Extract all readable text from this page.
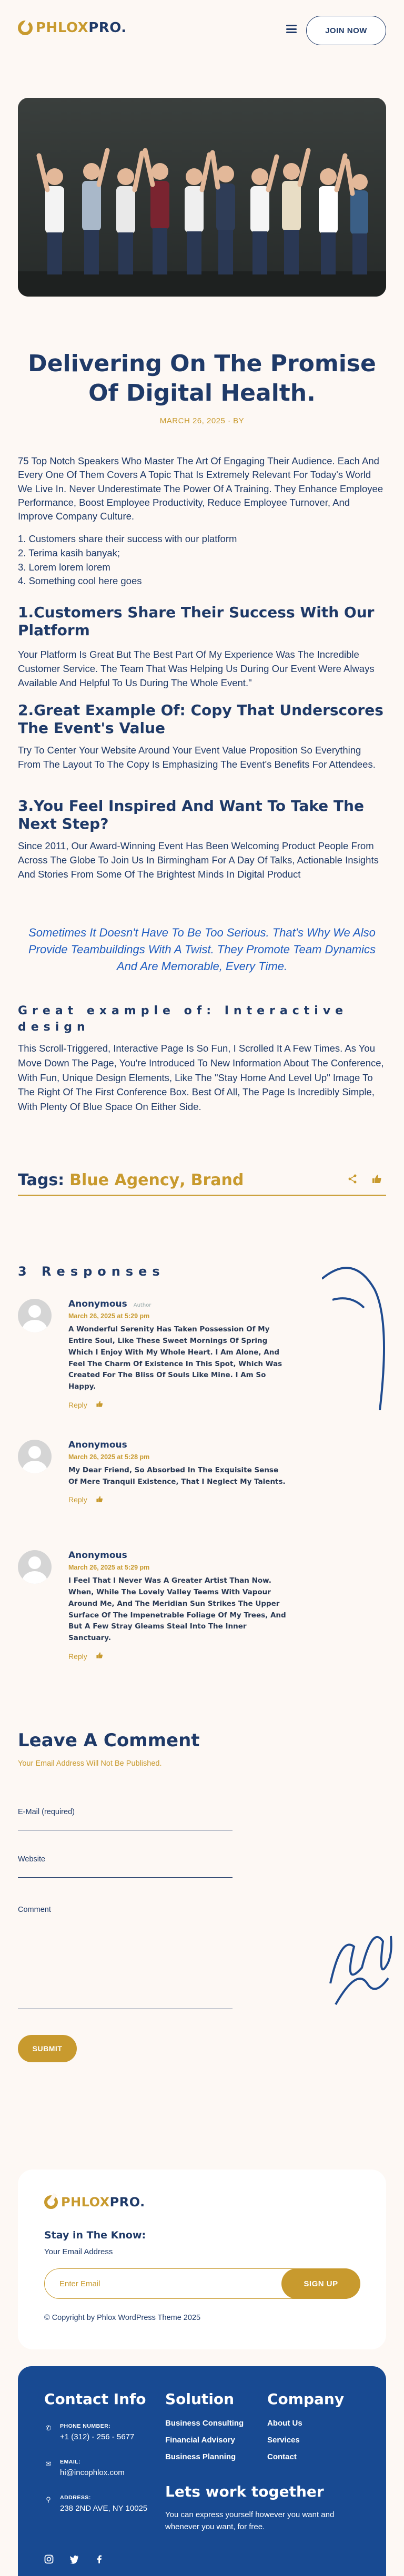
PHLOXPRO.	JOIN NOW
Delivering On The Promise Of Digital Health.
MARCH 26, 2025 · BY

75 Top Notch Speakers Who Master The Art Of Engaging Their Audience. Each And Every One Of Them Covers A Topic That Is Extremely Relevant For Today's World We Live In. Never Underestimate The Power Of A Training. They Enhance Employee Performance, Boost Employee Productivity, Reduce Employee Turnover, And Improve Company Culture.

1. Customers share their success with our platform
2. Terima kasih banyak;
3. Lorem lorem lorem
4. Something cool here goes
1.Customers Share Their Success With Our Platform

Your Platform Is Great But The Best Part Of My Experience Was The Incredible Customer Service. The Team That Was Helping Us During Our Event Were Always Available And Helpful To Us During The Whole Event."

2.Great Example Of: Copy That Underscores The Event's Value

Try To Center Your Website Around Your Event Value Proposition So Everything From The Layout To The Copy Is Emphasizing The Event's Benefits For Attendees.

3.You Feel Inspired And Want To Take The Next Step?

Since 2011, Our Award-Winning Event Has Been Welcoming Product People From Across The Globe To Join Us In Birmingham For A Day Of Talks, Actionable Insights And Stories From Some Of The Brightest Minds In Digital Product

Sometimes It Doesn't Have To Be Too Serious. That's Why We Also Provide Teambuildings With A Twist. They Promote Team Dynamics And Are Memorable, Every Time.

Great example of: Interactive design

This Scroll-Triggered, Interactive Page Is So Fun, I Scrolled It A Few Times. As You Move Down The Page, You're Introduced To New Information About The Conference, With Fun, Unique Design Elements, Like The "Stay Home And Level Up" Image To The Right Of The First Conference Box. Best Of All, The Page Is Incredibly Simple, With Plenty Of Blue Space On Either Side.

Tags: Blue Agency , Brand
3 Responses
Anonymous Author
March 26, 2025 at 5:29 pm
A Wonderful Serenity Has Taken Possession Of My Entire Soul, Like These Sweet Mornings Of Spring Which I Enjoy With My Whole Heart. I Am Alone, And Feel The Charm Of Existence In This Spot, Which Was Created For The Bliss Of Souls Like Mine. I Am So Happy.
Reply
Anonymous
March 26, 2025 at 5:28 pm
My Dear Friend, So Absorbed In The Exquisite Sense Of Mere Tranquil Existence, That I Neglect My Talents.
Reply
Anonymous
March 26, 2025 at 5:29 pm
I Feel That I Never Was A Greater Artist Than Now. When, While The Lovely Valley Teems With Vapour Around Me, And The Meridian Sun Strikes The Upper Surface Of The Impenetrable Foliage Of My Trees, And But A Few Stray Gleams Steal Into The Inner Sanctuary.
Reply
Leave A Comment
Your Email Address Will Not Be Published.
E-Mail (required)
Website
Comment
SUBMIT
PHLOXPRO.
Stay in The Know:
Your Email Address
Enter Email
SIGN UP
© Copyright by Phlox WordPress Theme 2025
Contact Info
✆ PHONE NUMBER:
+1 (312) - 256 - 5677
✉ EMAIL:
hi@incophlox.com
⚲	ADDRESS:
238 2ND AVE, NY 10025
Solution
Business Consulting
Financial Advisory
Business Planning
Company
About Us
Services
Contact
Lets work together

You can express yourself however you want and whenever you want, for free.
